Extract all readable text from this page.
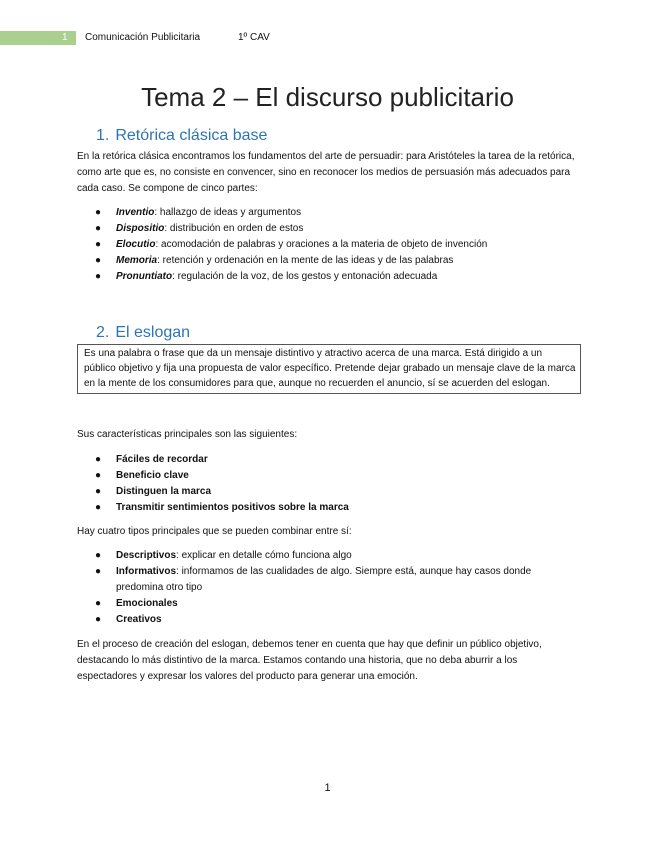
1 Comunicación Publicitaria	1º CAV
Tema 2 – El discurso publicitario
1. Retórica clásica base

En la retórica clásica encontramos los fundamentos del arte de persuadir: para Aristóteles la tarea de la retórica, como arte que es, no consiste en convencer, sino en reconocer los medios de persuasión más adecuados para cada caso. Se compone de cinco partes:

● Inventio: hallazgo de ideas y argumentos
● Dispositio: distribución en orden de estos
● Elocutio: acomodación de palabras y oraciones a la materia de objeto de invención
● Memoria: retención y ordenación en la mente de las ideas y de las palabras
● Pronuntiato: regulación de la voz, de los gestos y entonación adecuada
2. El eslogan
Es una palabra o frase que da un mensaje distintivo y atractivo acerca de una marca. Está dirigido a un público objetivo y fija una propuesta de valor específico. Pretende dejar grabado un mensaje clave de la marca en la mente de los consumidores para que, aunque no recuerden el anuncio, sí se acuerden del eslogan.

Sus características principales son las siguientes:

● Fáciles de recordar
● Beneficio clave
● Distinguen la marca
● Transmitir sentimientos positivos sobre la marca

Hay cuatro tipos principales que se pueden combinar entre sí:

● Descriptivos: explicar en detalle cómo funciona algo
● Informativos: informamos de las cualidades de algo. Siempre está, aunque hay casos donde predomina otro tipo
● Emocionales
● Creativos

En el proceso de creación del eslogan, debemos tener en cuenta que hay que definir un público objetivo, destacando lo más distintivo de la marca. Estamos contando una historia, que no deba aburrir a los espectadores y expresar los valores del producto para generar una emoción.

1
